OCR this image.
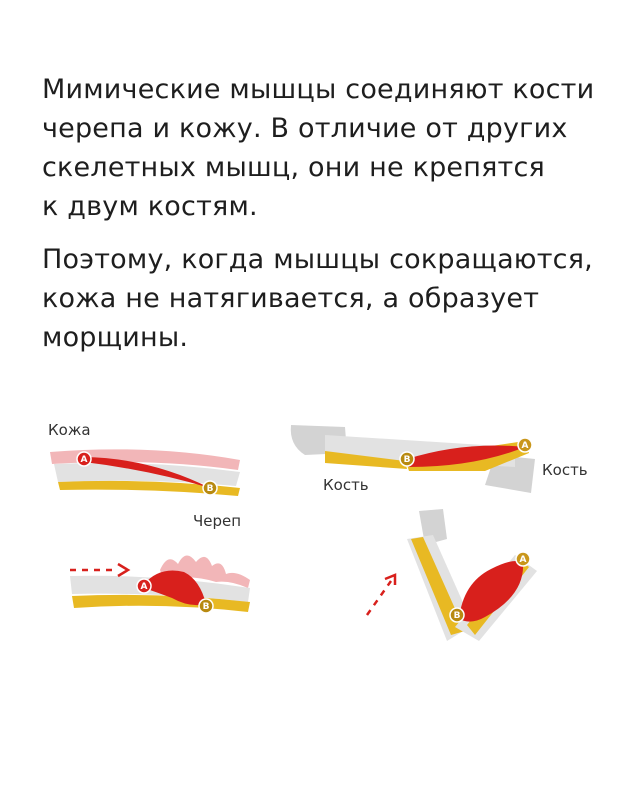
Мимические мышцы соединяют кости
черепа и кожу. В отличие от других
скелетных мышц, они не крепятся
к двум костям.
Поэтому, когда мышцы сокращаются,
кожа не натягивается, а образует
морщины.
Кожа
Череп
Кость
Кость
A
B
A
B
A
B
A
B
